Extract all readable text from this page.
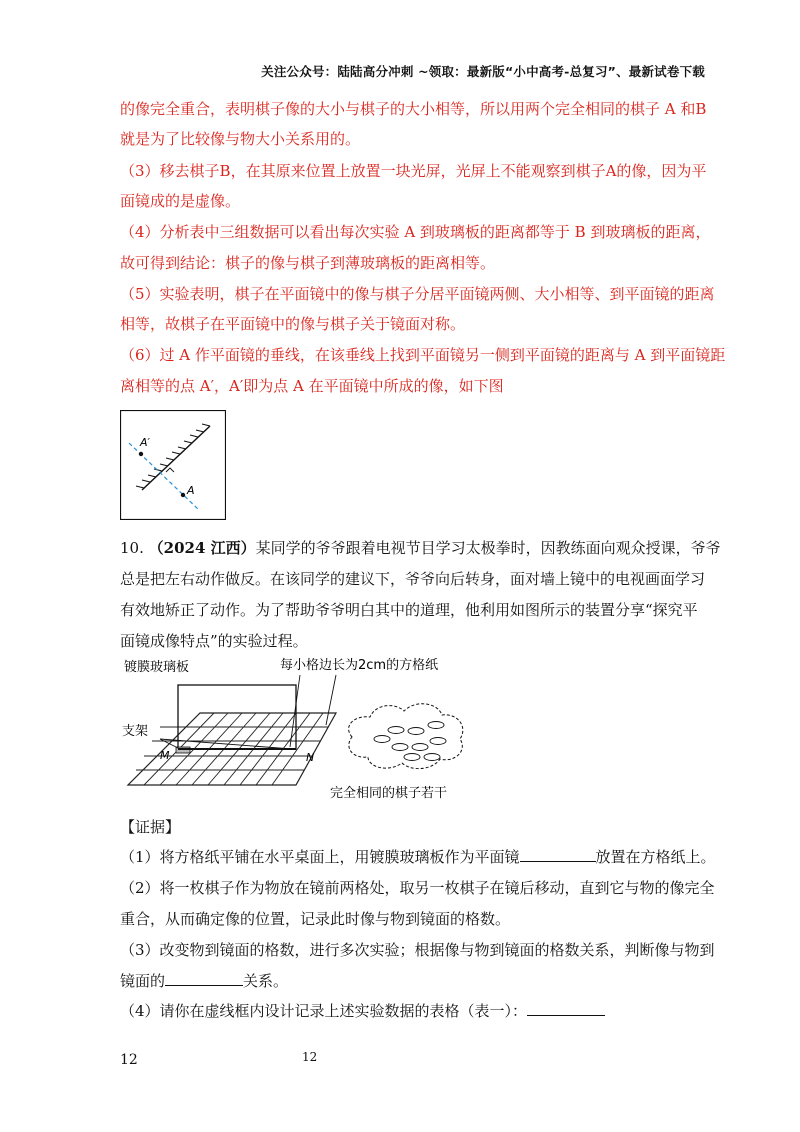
关注公众号：陆陆高分冲刺 ~领取：最新版“小中高考-总复习”、最新试卷下载
的像完全重合，表明棋子像的大小与棋子的大小相等，所以用两个完全相同的棋子 A 和B
就是为了比较像与物大小关系用的。
（3）移去棋子B，在其原来位置上放置一块光屏，光屏上不能观察到棋子A的像，因为平
面镜成的是虚像。
（4）分析表中三组数据可以看出每次实验 A 到玻璃板的距离都等于 B 到玻璃板的距离，
故可得到结论：棋子的像与棋子到薄玻璃板的距离相等。
（5）实验表明，棋子在平面镜中的像与棋子分居平面镜两侧、大小相等、到平面镜的距离
相等，故棋子在平面镜中的像与棋子关于镜面对称。
（6）过 A 作平面镜的垂线，在该垂线上找到平面镜另一侧到平面镜的距离与 A 到平面镜距
离相等的点 A′，A′即为点 A 在平面镜中所成的像，如下图
A′
A
10. （2024 江西）某同学的爷爷跟着电视节目学习太极拳时，因教练面向观众授课，爷爷
总是把左右动作做反。在该同学的建议下，爷爷向后转身，面对墙上镜中的电视画面学习
有效地矫正了动作。为了帮助爷爷明白其中的道理，他利用如图所示的装置分享“探究平
面镜成像特点”的实验过程。
镀膜玻璃板	每小格边长为2cm的方格纸
支架
M	N
完全相同的棋子若干
【证据】
（1）将方格纸平铺在水平桌面上，用镀膜玻璃板作为平面镜	放置在方格纸上。
（2）将一枚棋子作为物放在镜前两格处，取另一枚棋子在镜后移动，直到它与物的像完全
重合，从而确定像的位置，记录此时像与物到镜面的格数。
（3）改变物到镜面的格数，进行多次实验；根据像与物到镜面的格数关系，判断像与物到
镜面的	关系。
（4）请你在虚线框内设计记录上述实验数据的表格（表一）：
12	12
